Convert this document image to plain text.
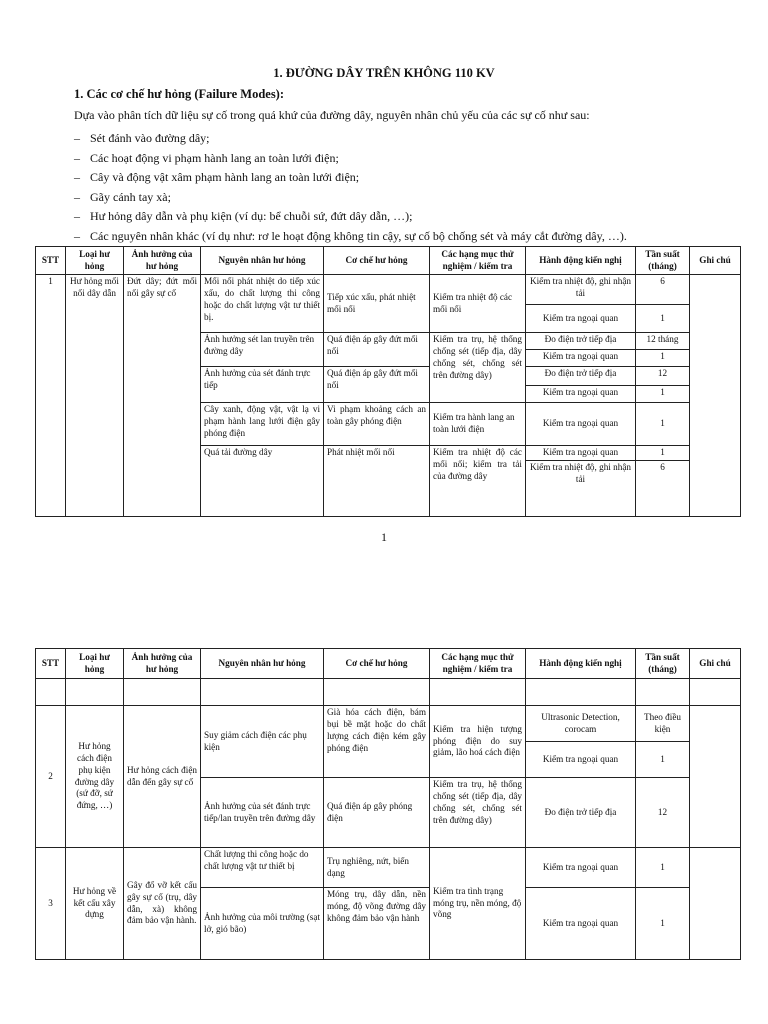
1. ĐƯỜNG DÂY TRÊN KHÔNG 110 KV
1. Các cơ chế hư hỏng (Failure Modes):
Dựa vào phân tích dữ liệu sự cố trong quá khứ của đường dây, nguyên nhân chủ yếu của các sự cố như sau:
– Sét đánh vào đường dây;
– Các hoạt động vi phạm hành lang an toàn lưới điện;
– Cây và động vật xâm phạm hành lang an toàn lưới điện;
– Gãy cánh tay xà;
– Hư hỏng dây dẫn và phụ kiện (ví dụ: bể chuỗi sứ, đứt dây dẫn, …);
– Các nguyên nhân khác (ví dụ như: rơ le hoạt động không tin cậy, sự cố bộ chống sét và máy cắt đường dây, …).
STT	Loại hư hỏng	Ảnh hưởng của hư hỏng	Nguyên nhân hư hỏng	Cơ chế hư hỏng	Các hạng mục thử nghiệm / kiểm tra	Hành động kiến nghị	Tần suất (tháng)	Ghi chú
1	Hư hỏng mối nối dây dẫn	Đứt dây; đứt mối nối gây sự cố	Mối nối phát nhiệt do tiếp xúc xấu, do chất lượng thi công hoặc do chất lượng vật tư thiết bị.	Tiếp xúc xấu, phát nhiệt mối nối	Kiểm tra nhiệt độ các mối nối	Kiểm tra nhiệt độ, ghi nhận tải	6	
						Kiểm tra ngoại quan	1	
			Ảnh hưởng sét lan truyền trên đường dây	Quá điện áp gây đứt mối nối	Kiểm tra trụ, hệ thống chống sét (tiếp địa, dây chống sét, chống sét trên đường dây)	Đo điện trở tiếp địa	12 tháng	
						Kiểm tra ngoại quan	1	
			Ảnh hưởng của sét đánh trực tiếp	Quá điện áp gây đứt mối nối		Đo điện trở tiếp địa	12	
						Kiểm tra ngoại quan	1	
			Cây xanh, động vật, vật lạ vi phạm hành lang lưới điện gây phóng điện	Vi phạm khoảng cách an toàn gây phóng điện	Kiểm tra hành lang an toàn lưới điện	Kiểm tra ngoại quan	1	
			Quá tải đường dây	Phát nhiệt mối nối	Kiểm tra nhiệt độ các mối nối; kiểm tra tải của đường dây	Kiểm tra ngoại quan	1	
						Kiểm tra nhiệt độ, ghi nhận tải	6	
1
STT	Loại hư hỏng	Ảnh hưởng của hư hỏng	Nguyên nhân hư hỏng	Cơ chế hư hỏng	Các hạng mục thử nghiệm / kiểm tra	Hành động kiến nghị	Tần suất (tháng)	Ghi chú

2	Hư hỏng cách điện phụ kiện đường dây (sứ đỡ, sứ đứng, …)	Hư hỏng cách điện dẫn đến gây sự cố	Suy giảm cách điện các phụ kiện	Già hóa cách điện, bám bụi bề mặt hoặc do chất lượng cách điện kém gây phóng điện	Kiểm tra hiện tượng phóng điện do suy giảm, lão hoá cách điện	Ultrasonic Detection, corocam	Theo điều kiện	
						Kiểm tra ngoại quan	1	
			Ảnh hưởng của sét đánh trực tiếp/lan truyền trên đường dây	Quá điện áp gây phóng điện	Kiểm tra trụ, hệ thống chống sét (tiếp địa, dây chống sét, chống sét trên đường dây)	Đo điện trở tiếp địa	12	
3	Hư hỏng về kết cấu xây dựng	Gây đổ vỡ kết cấu gây sự cố (trụ, dây dẫn, xà) không đảm bảo vận hành.	Chất lượng thi công hoặc do chất lượng vật tư thiết bị	Trụ nghiêng, nứt, biến dạng	Kiểm tra tình trạng móng trụ, nền móng, độ võng	Kiểm tra ngoại quan	1	
			Ảnh hưởng của môi trường (sạt lở, gió bão)	Móng trụ, dây dẫn, nền móng, độ võng đường dây không đảm bảo vận hành		Kiểm tra ngoại quan	1	
